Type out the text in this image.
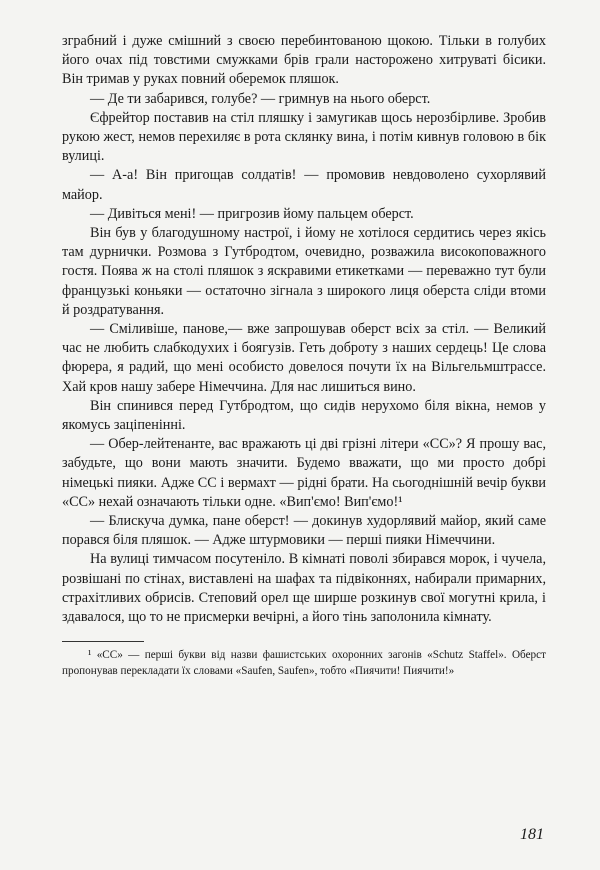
зграбний і дуже смішний з своєю перебинтованою щокою. Тільки в голубих його очах під товстими смужками брів грали настороженo хитруваті бісики. Він тримав у руках повний оберемок пляшок.

— Де ти забарився, голубе? — гримнув на нього оберст.

Єфрейтор поставив на стіл пляшку і замугикав щось нерозбірливе. Зробив рукою жест, немов перехиляє в рота склянку вина, і потім кивнув головою в бік вулиці.

— А-а! Він пригощав солдатів! — промовив невдоволено сухорлявий майор.

— Дивіться мені! — пригрозив йому пальцем оберст.

Він був у благодушному настрої, і йому не хотілося сердитись через якісь там дурнички. Розмова з Гутбродтом, очевидно, розважила високоповажного гостя. Поява ж на столі пляшок з яскравими етикетками — переважно тут були французькі коньяки — остаточно зігнала з широкого лиця оберста сліди втоми й роздратування.

— Сміливіше, панове,— вже запрошував оберст всіх за стіл. — Великий час не любить слабкодухих і боягузів. Геть доброту з наших сердець! Це слова фюрера, я радий, що мені особисто довелося почути їх на Вільгельмштрассе. Хай кров нашу забере Німеччина. Для нас лишиться вино.

Він спинився перед Гутбродтом, що сидів нерухомо біля вікна, немов у якомусь заціпенінні.

— Обер-лейтенанте, вас вражають ці дві грізні літери «СС»? Я прошу вас, забудьте, що вони мають значити. Будемо вважати, що ми просто добрі німецькі пияки. Адже СС і вермахт — рідні брати. На сьогоднішній вечір букви «СС» нехай означають тільки одне. «Вип'ємо! Вип'ємо!¹

— Блискуча думка, пане оберст! — докинув худорлявий майор, який саме порався біля пляшок. — Адже штурмовики — перші пияки Німеччини.

На вулиці тимчасом посутеніло. В кімнаті поволі збирався морок, і чучела, розвішані по стінах, виставлені на шафах та підвіконнях, набирали примарних, страхітливих обрисів. Степовий орел ще ширше розкинув свої могутні крила, і здавалося, що то не присмерки вечірні, а його тінь заполонила кімнату.

¹ «СС» — перші букви від назви фашистських охоронних загонів «Schutz Staffel». Оберст пропонував перекладати їх словами «Saufen, Saufen», тобто «Пиячити! Пиячити!»

181
